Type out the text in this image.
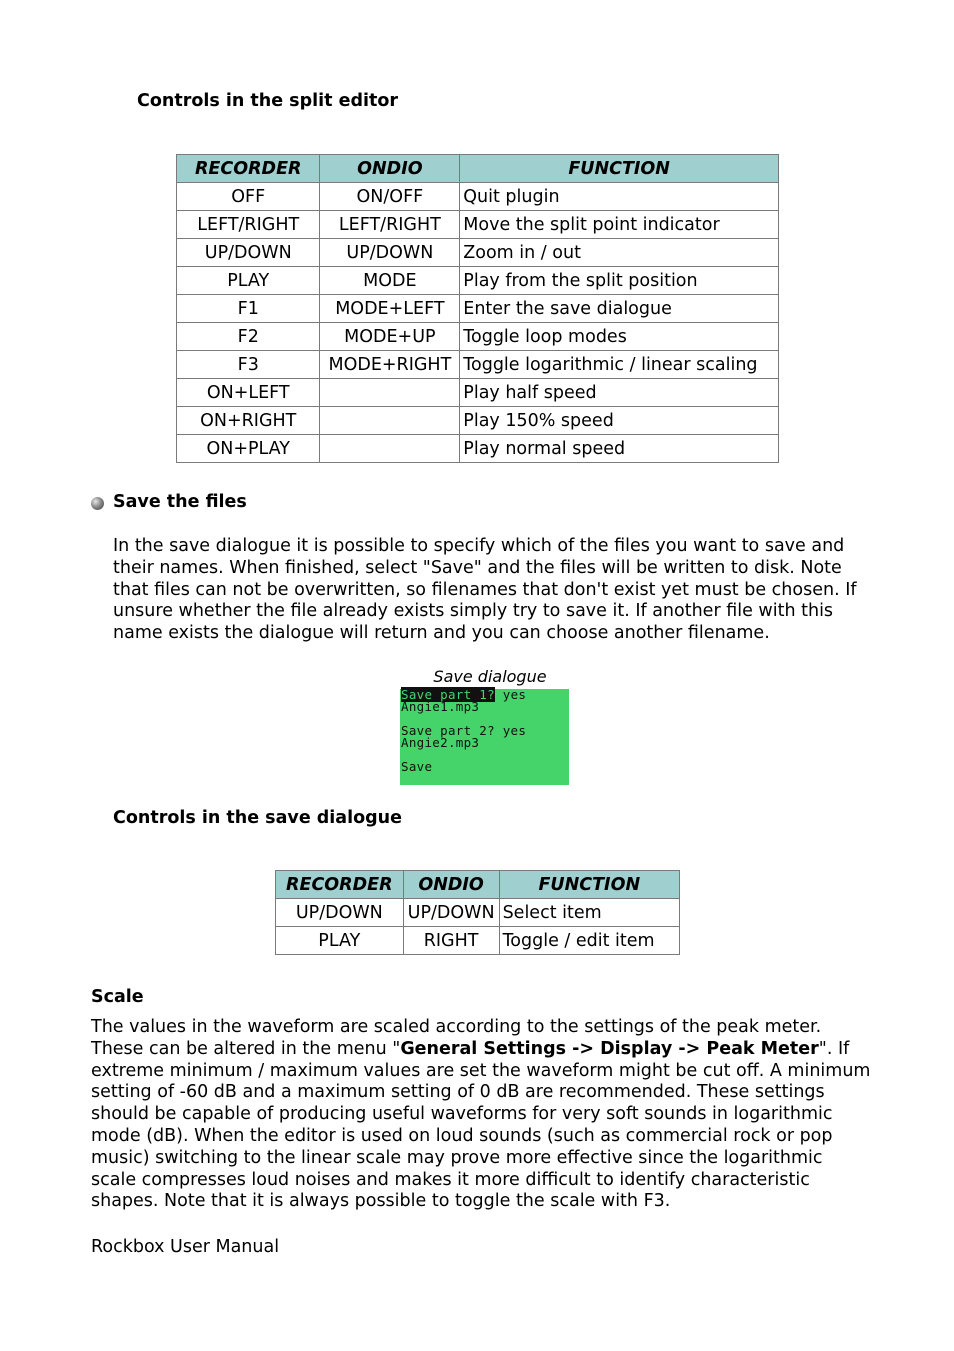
Controls in the split editor
RECORDER	ONDIO	FUNCTION
OFF	ON/OFF	Quit plugin
LEFT/RIGHT	LEFT/RIGHT	Move the split point indicator
UP/DOWN	UP/DOWN	Zoom in / out
PLAY	MODE	Play from the split position
F1	MODE+LEFT	Enter the save dialogue
F2	MODE+UP	Toggle loop modes
F3	MODE+RIGHT	Toggle logarithmic / linear scaling
ON+LEFT		Play half speed
ON+RIGHT		Play 150% speed
ON+PLAY		Play normal speed
Save the files
In the save dialogue it is possible to specify which of the files you want to save and their names. When finished, select "Save" and the files will be written to disk. Note that files can not be overwritten, so filenames that don't exist yet must be chosen. If unsure whether the file already exists simply try to save it. If another file with this name exists the dialogue will return and you can choose another filename.
Save dialogue
Save part 1? yes
Angie1.mp3
Save part 2? yes
Angie2.mp3
Save
Controls in the save dialogue
RECORDER	ONDIO	FUNCTION
UP/DOWN	UP/DOWN	Select item
PLAY	RIGHT	Toggle / edit item
Scale
The values in the waveform are scaled according to the settings of the peak meter. These can be altered in the menu "General Settings -> Display -> Peak Meter". If extreme minimum / maximum values are set the waveform might be cut off. A minimum setting of -60 dB and a maximum setting of 0 dB are recommended. These settings should be capable of producing useful waveforms for very soft sounds in logarithmic mode (dB). When the editor is used on loud sounds (such as commercial rock or pop music) switching to the linear scale may prove more effective since the logarithmic scale compresses loud noises and makes it more difficult to identify characteristic shapes. Note that it is always possible to toggle the scale with F3.
Rockbox User Manual
